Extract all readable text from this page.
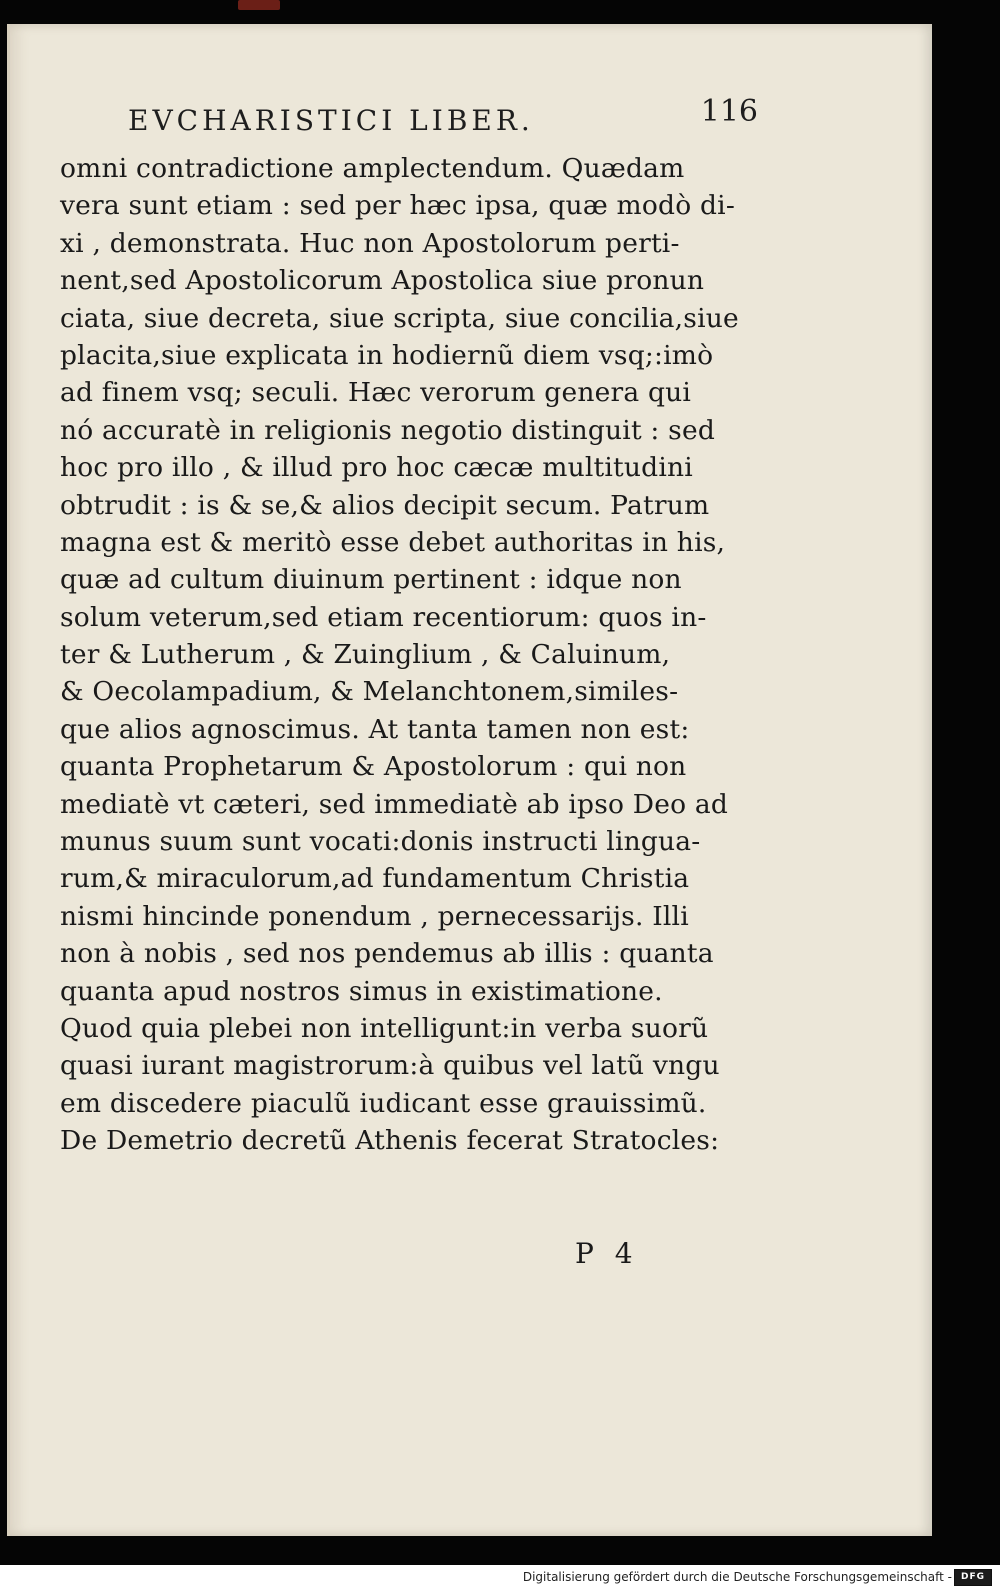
EVCHARISTICI LIBER.	116
omni contradictione amplectendum. Quædam
vera sunt etiam : sed per hæc ipsa, quæ modò di-
xi , demonstrata. Huc non Apostolorum perti-
nent,sed Apostolicorum Apostolica siue pronun
ciata, siue decreta, siue scripta, siue concilia,siue
placita,siue explicata in hodiernũ diem vsq;:imò
ad finem vsq; seculi. Hæc verorum genera qui
nó accuratè in religionis negotio distinguit : sed
hoc pro illo , & illud pro hoc cæcæ multitudini
obtrudit : is & se,& alios decipit secum. Patrum
magna est & meritò esse debet authoritas in his,
quæ ad cultum diuinum pertinent : idque non
solum veterum,sed etiam recentiorum: quos in-
ter & Lutherum , & Zuinglium , & Caluinum,
& Oecolampadium, & Melanchtonem,similes-
que alios agnoscimus. At tanta tamen non est:
quanta Prophetarum & Apostolorum : qui non
mediatè vt cæteri, sed immediatè ab ipso Deo ad
munus suum sunt vocati:donis instructi lingua-
rum,& miraculorum,ad fundamentum Christia
nismi hincinde ponendum , pernecessarijs. Illi
non à nobis , sed nos pendemus ab illis : quanta
quanta apud nostros simus in existimatione.
Quod quia plebei non intelligunt:in verba suorũ
quasi iurant magistrorum:à quibus vel latũ vngu
em discedere piaculũ iudicant esse grauissimũ.
De Demetrio decretũ Athenis fecerat Stratocles:
P 4
Digitalisierung gefördert durch die Deutsche Forschungsgemeinschaft - DFG
